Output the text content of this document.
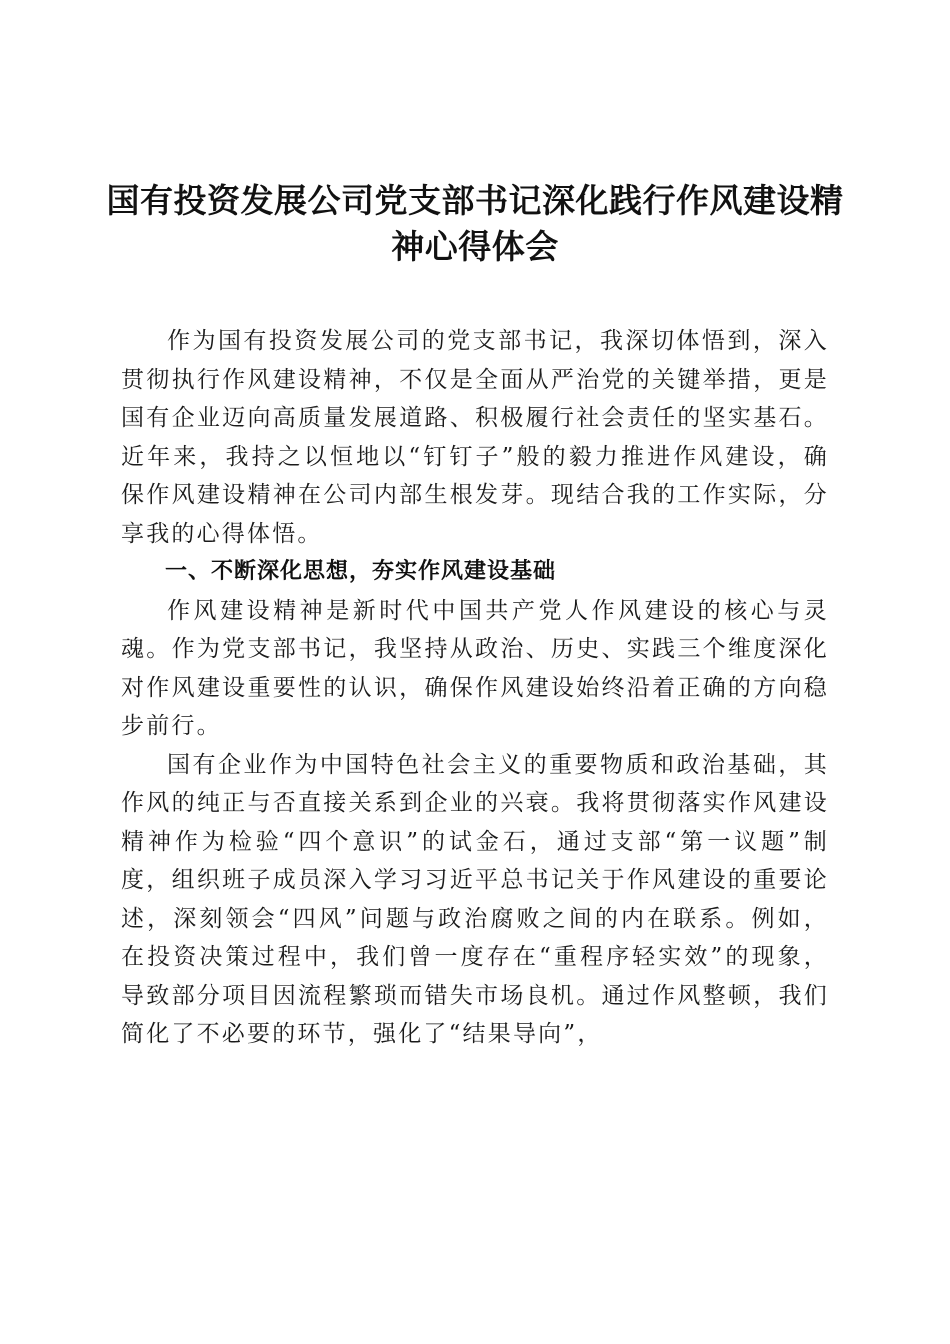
国有投资发展公司党支部书记深化践行作风建设精神心得体会

作为国有投资发展公司的党支部书记，我深切体悟到，深入贯彻执行作风建设精神，不仅是全面从严治党的关键举措，更是国有企业迈向高质量发展道路、积极履行社会责任的坚实基石。近年来，我持之以恒地以“钉钉子”般的毅力推进作风建设，确保作风建设精神在公司内部生根发芽。现结合我的工作实际，分享我的心得体悟。

一、不断深化思想，夯实作风建设基础

作风建设精神是新时代中国共产党人作风建设的核心与灵魂。作为党支部书记，我坚持从政治、历史、实践三个维度深化对作风建设重要性的认识，确保作风建设始终沿着正确的方向稳步前行。

国有企业作为中国特色社会主义的重要物质和政治基础，其作风的纯正与否直接关系到企业的兴衰。我将贯彻落实作风建设精神作为检验“四个意识”的试金石，通过支部“第一议题”制度，组织班子成员深入学习习近平总书记关于作风建设的重要论述，深刻领会“四风”问题与政治腐败之间的内在联系。例如，在投资决策过程中，我们曾一度存在“重程序轻实效”的现象，导致部分项目因流程繁琐而错失市场良机。通过作风整顿，我们简化了不必要的环节，强化了“结果导向”，
